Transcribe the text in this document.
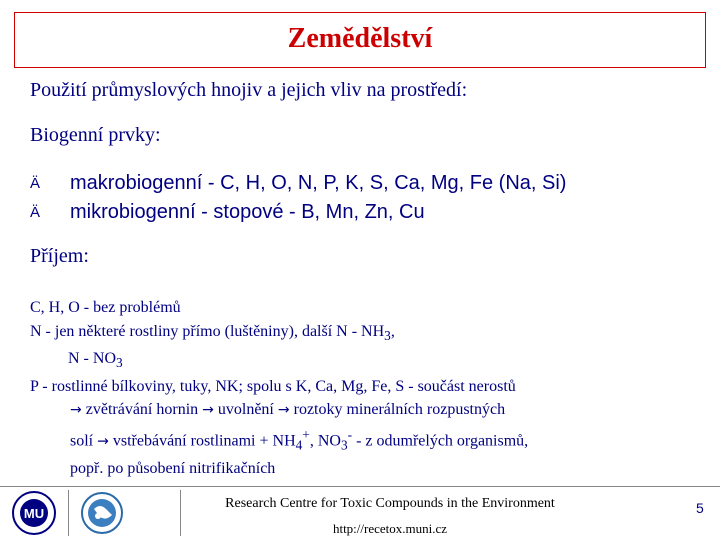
Zemědělství
Použití průmyslových hnojiv a jejich vliv na prostředí:
Biogenní prvky:
Ä makrobiogenní - C, H, O, N, P, K, S, Ca, Mg, Fe (Na, Si)
Ä mikrobiogenní - stopové - B, Mn, Zn, Cu
Příjem:
C, H, O - bez problémů
N - jen některé rostliny přímo (luštěniny), další N - $NH_3$,
N - $NO_3$
P - rostlinné bílkoviny, tuky, NK; spolu s K, Ca, Mg, Fe, S - součást nerostů
→ zvětrávání hornin → uvolnění → roztoky minerálních rozpustných
solí → vstřebávání rostlinami + $NH_4^+$, $NO_3^-$ - z odumřelých organismů,
popř. po působení nitrifikačních
MU
Research Centre for Toxic Compounds in the Environment
http://recetox.muni.cz
5
